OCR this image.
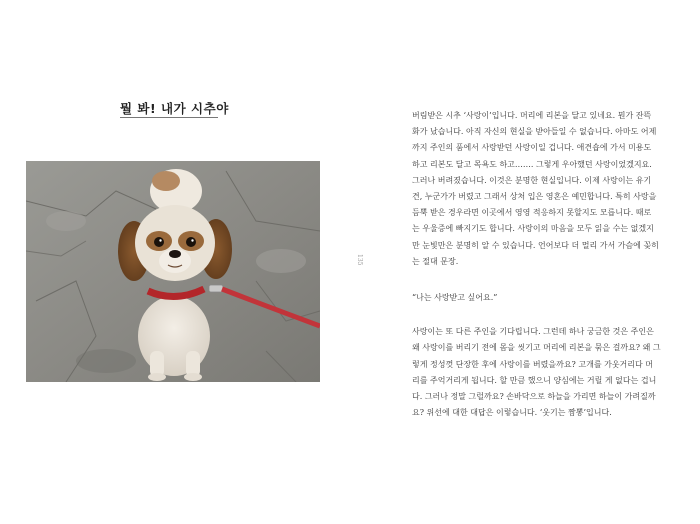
뭘 봐! 내가 시추야
135

버림받은 시추 ‘사랑이’입니다. 머리에 리본을 달고 있네요. 뭔가 잔뜩

화가 났습니다. 아직 자신의 현실을 받아들일 수 없습니다. 아마도 어제

까지 주인의 품에서 사랑받던 사랑이일 겁니다. 애견숍에 가서 미용도

하고 리본도 달고 목욕도 하고……. 그렇게 우아했던 사랑이었겠지요.

그러나 버려졌습니다. 이것은 분명한 현실입니다. 이제 사랑이는 유기

견, 누군가가 버렸고 그래서 상처 입은 영혼은 예민합니다. 특히 사랑을

듬뿍 받은 경우라면 이곳에서 영영 적응하지 못할지도 모릅니다. 때로

는 우울증에 빠지기도 합니다. 사랑이의 마음을 모두 읽을 수는 없겠지

만 눈빛만은 분명히 알 수 있습니다. 언어보다 더 멀리 가서 가슴에 꽂히

는 절대 문장.

“나는 사랑받고 싶어요.”

사랑이는 또 다른 주인을 기다립니다. 그런데 하나 궁금한 것은 주인은

왜 사랑이를 버리기 전에 몸을 씻기고 머리에 리본을 묶은 걸까요? 왜 그

렇게 정성껏 단장한 후에 사랑이를 버렸을까요? 고개를 가웃거리다 머

리를 주억거리게 됩니다. 할 만큼 했으니 양심에는 거릴 게 없다는 겁니

다. 그러나 정말 그럴까요? 손바닥으로 하늘을 가리면 하늘이 가려질까

요? 위선에 대한 대답은 이렇습니다. ‘웃기는 짬뽕’입니다.
